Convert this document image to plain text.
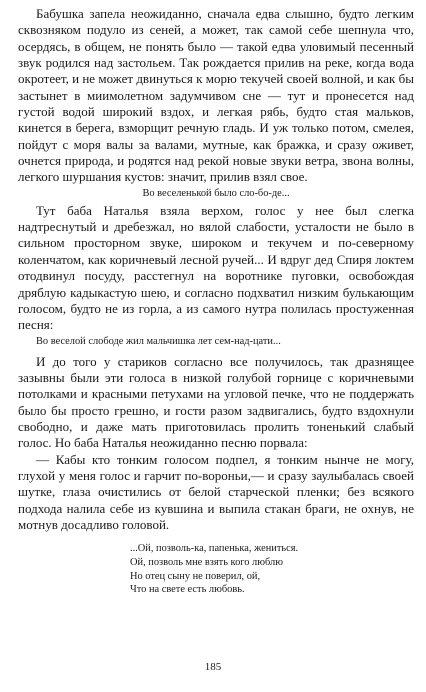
Бабушка запела неожиданно, сначала едва слышно, будто легким сквозняком подуло из сеней, а может, так самой себе шепнула что, осердясь, в общем, не понять было — такой едва уловимый песенный звук родился над застольем. Так рождается прилив на реке, когда вода окротеет, и не может двинуться к морю текучей своей волной, и как бы застынет в миимолетном задумчивом сне — тут и пронесется над густой водой широкий вздох, и легкая рябь, будто стая мальков, кинется в берега, взморщит речную гладь. И уж только потом, смелея, пойдут с моря валы за валами, мутные, как бражка, и сразу оживет, очнется природа, и родятся над рекой новые звуки ветра, звона волны, легкого шуршания кустов: значит, прилив взял свое.

Во веселенькой было сло-бо-де...

Тут баба Наталья взяла верхом, голос у нее был слегка надтреснутый и дребезжал, но вялой слабости, усталости не было в сильном просторном звуке, широком и текучем и по-северному коленчатом, как коричневый лесной ручей... И вдруг дед Спиря локтем отодвинул посуду, расстегнул на воротнике пуговки, освобождая дряблую кадыкастую шею, и согласно подхватил низким булькающим голосом, будто не из горла, а из самого нутра полилась простуженная песня:

Во веселой слободе жил мальчишка лет сем-над-цати...

И до того у стариков согласно все получилось, так дразнящее зазывны были эти голоса в низкой голубой горнице с коричневыми потолками и красными петухами на угловой печке, что не поддержать было бы просто грешно, и гости разом задвигались, будто вздохнули свободно, и даже мать приготовилась пролить тоненький слабый голос. Но баба Наталья неожиданно песню порвала:

— Кабы кто тонким голосом подпел, я тонким нынче не могу, глухой у меня голос и гарчит по-вороньи,— и сразу заулыбалась своей шутке, глаза очистились от белой старческой пленки; без всякого подхода налила себе из кувшина и выпила стакан браги, не охнув, не мотнув досадливо головой.

...Ой, позволь-ка, папенька, жениться.
Ой, позволь мне взять кого люблю
Но отец сыну не поверил, ой,
Что на свете есть любовь.
185
